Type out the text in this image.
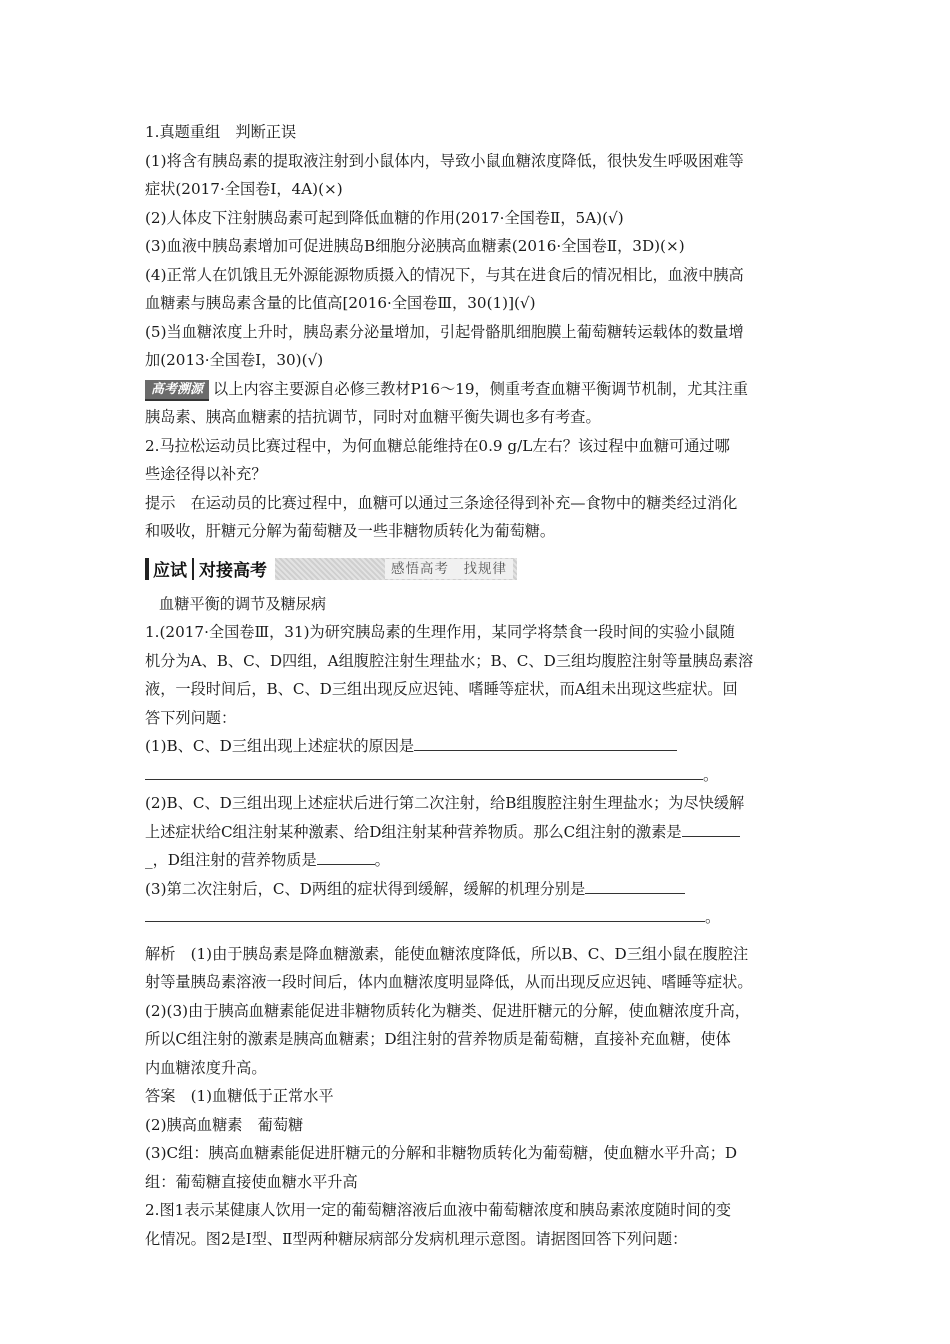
1.真题重组　判断正误

(1)将含有胰岛素的提取液注射到小鼠体内，导致小鼠血糖浓度降低，很快发生呼吸困难等

症状(2017·全国卷Ⅰ，4A)(×)

(2)人体皮下注射胰岛素可起到降低血糖的作用(2017·全国卷Ⅱ，5A)(√)

(3)血液中胰岛素增加可促进胰岛B细胞分泌胰高血糖素(2016·全国卷Ⅱ，3D)(×)

(4)正常人在饥饿且无外源能源物质摄入的情况下，与其在进食后的情况相比，血液中胰高

血糖素与胰岛素含量的比值高[2016·全国卷Ⅲ，30(1)](√)

(5)当血糖浓度上升时，胰岛素分泌量增加，引起骨骼肌细胞膜上葡萄糖转运载体的数量增

加(2013·全国卷Ⅰ，30)(√)

高考溯源 以上内容主要源自必修三教材P16～19，侧重考查血糖平衡调节机制，尤其注重

胰岛素、胰高血糖素的拮抗调节，同时对血糖平衡失调也多有考查。

2.马拉松运动员比赛过程中，为何血糖总能维持在0.9 g/L左右？该过程中血糖可通过哪

些途径得以补充？

提示　在运动员的比赛过程中，血糖可以通过三条途径得到补充—食物中的糖类经过消化

和吸收，肝糖元分解为葡萄糖及一些非糖物质转化为葡萄糖。

应试 对接高考	感悟高考　找规律

血糖平衡的调节及糖尿病

1.(2017·全国卷Ⅲ，31)为研究胰岛素的生理作用，某同学将禁食一段时间的实验小鼠随

机分为A、B、C、D四组，A组腹腔注射生理盐水；B、C、D三组均腹腔注射等量胰岛素溶

液，一段时间后，B、C、D三组出现反应迟钝、嗜睡等症状，而A组未出现这些症状。回

答下列问题：

(1)B、C、D三组出现上述症状的原因是

。

(2)B、C、D三组出现上述症状后进行第二次注射，给B组腹腔注射生理盐水；为尽快缓解

上述症状给C组注射某种激素、给D组注射某种营养物质。那么C组注射的激素是

_，D组注射的营养物质是	。

(3)第二次注射后，C、D两组的症状得到缓解，缓解的机理分别是

。

解析　(1)由于胰岛素是降血糖激素，能使血糖浓度降低，所以B、C、D三组小鼠在腹腔注

射等量胰岛素溶液一段时间后，体内血糖浓度明显降低，从而出现反应迟钝、嗜睡等症状。

(2)(3)由于胰高血糖素能促进非糖物质转化为糖类、促进肝糖元的分解，使血糖浓度升高，

所以C组注射的激素是胰高血糖素；D组注射的营养物质是葡萄糖，直接补充血糖，使体

内血糖浓度升高。

答案　(1)血糖低于正常水平

(2)胰高血糖素　葡萄糖

(3)C组：胰高血糖素能促进肝糖元的分解和非糖物质转化为葡萄糖，使血糖水平升高；D

组：葡萄糖直接使血糖水平升高

2.图1表示某健康人饮用一定的葡萄糖溶液后血液中葡萄糖浓度和胰岛素浓度随时间的变

化情况。图2是Ⅰ型、Ⅱ型两种糖尿病部分发病机理示意图。请据图回答下列问题：
